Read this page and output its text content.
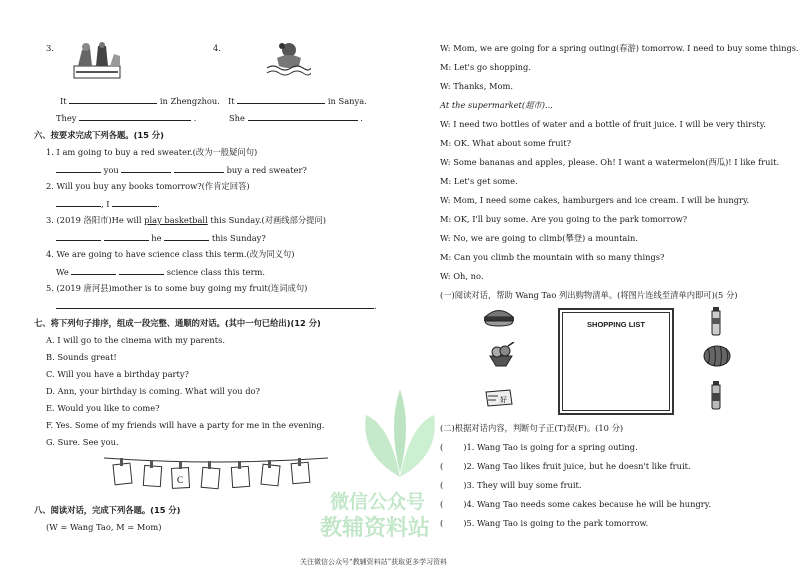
3.	4.
It	in Zhengzhou. It	in Sanya.
They	.	She	.
六、按要求完成下列各题。(15 分)
1. I am going to buy a red sweater.(改为一般疑问句)
you	buy a red sweater?
2. Will you buy any books tomorrow?(作肯定回答)
, I	.
3. (2019 洛阳市)He will play basketball this Sunday.(对画线部分提问)
he	this Sunday?
4. We are going to have science class this term.(改为同义句)
We	science class this term.
5. (2019 唐河县)mother is to some buy going my fruit(连词成句)
.
七、将下列句子排序，组成一段完整、通顺的对话。(其中一句已给出)(12 分)
A. I will go to the cinema with my parents.
B. Sounds great!
C. Will you have a birthday party?
D. Ann, your birthday is coming. What will you do?
E. Would you like to come?
F. Yes. Some of my friends will have a party for me in the evening.
G. Sure. See you.
C
八、阅读对话，完成下列各题。(15 分)
(W = Wang Tao, M = Mom)
W: Mom, we are going for a spring outing(春游) tomorrow. I need to buy some things.
M: Let's go shopping.
W: Thanks, Mom.
At the supermarket(超市)...
W: I need two bottles of water and a bottle of fruit juice. I will be very thirsty.
M: OK. What about some fruit?
W: Some bananas and apples, please. Oh! I want a watermelon(西瓜)! I like fruit.
M: Let's get some.
W: Mom, I need some cakes, hamburgers and ice cream. I will be hungry.
M: OK, I'll buy some. Are you going to the park tomorrow?
W: No, we are going to climb(攀登) a mountain.
M: Can you climb the mountain with so many things?
W: Oh, no.
(一)阅读对话，帮助 Wang Tao 列出购物清单。(将图片连线至清单内即可)(5 分)
好
SHOPPING LIST
(二)根据对话内容，判断句子正(T)误(F)。(10 分)
( )1. Wang Tao is going for a spring outing.
( )2. Wang Tao likes fruit juice, but he doesn't like fruit.
( )3. They will buy some fruit.
( )4. Wang Tao needs some cakes because he will be hungry.
( )5. Wang Tao is going to the park tomorrow.
微信公众号
教辅资料站
关注微信公众号“教辅资料站”获取更多学习资料
